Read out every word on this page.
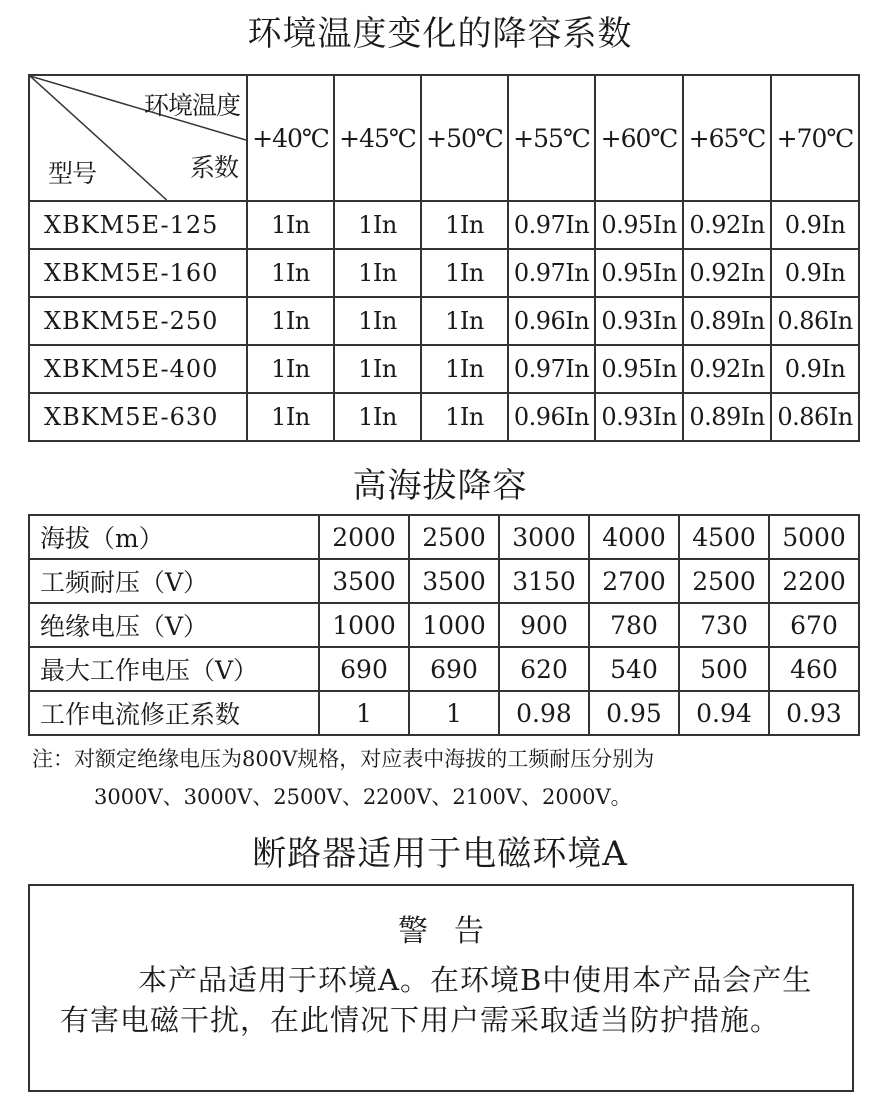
环境温度变化的降容系数
环境温度
系数
型号	+40℃	+45℃	+50℃	+55℃	+60℃	+65℃	+70℃
XBKM5E-125	1In	1In	1In	0.97In	0.95In	0.92In	0.9In
XBKM5E-160	1In	1In	1In	0.97In	0.95In	0.92In	0.9In
XBKM5E-250	1In	1In	1In	0.96In	0.93In	0.89In	0.86In
XBKM5E-400	1In	1In	1In	0.97In	0.95In	0.92In	0.9In
XBKM5E-630	1In	1In	1In	0.96In	0.93In	0.89In	0.86In
高海拔降容
海拔（m）	2000	2500	3000	4000	4500	5000
工频耐压（V）	3500	3500	3150	2700	2500	2200
绝缘电压（V）	1000	1000	900	780	730	670
最大工作电压（V）	690	690	620	540	500	460
工作电流修正系数	1	1	0.98	0.95	0.94	0.93
注：对额定绝缘电压为800V规格，对应表中海拔的工频耐压分别为
3000V、3000V、2500V、2200V、2100V、2000V。
断路器适用于电磁环境A
警告
本产品适用于环境A。在环境B中使用本产品会产生有害电磁干扰，在此情况下用户需采取适当防护措施。
